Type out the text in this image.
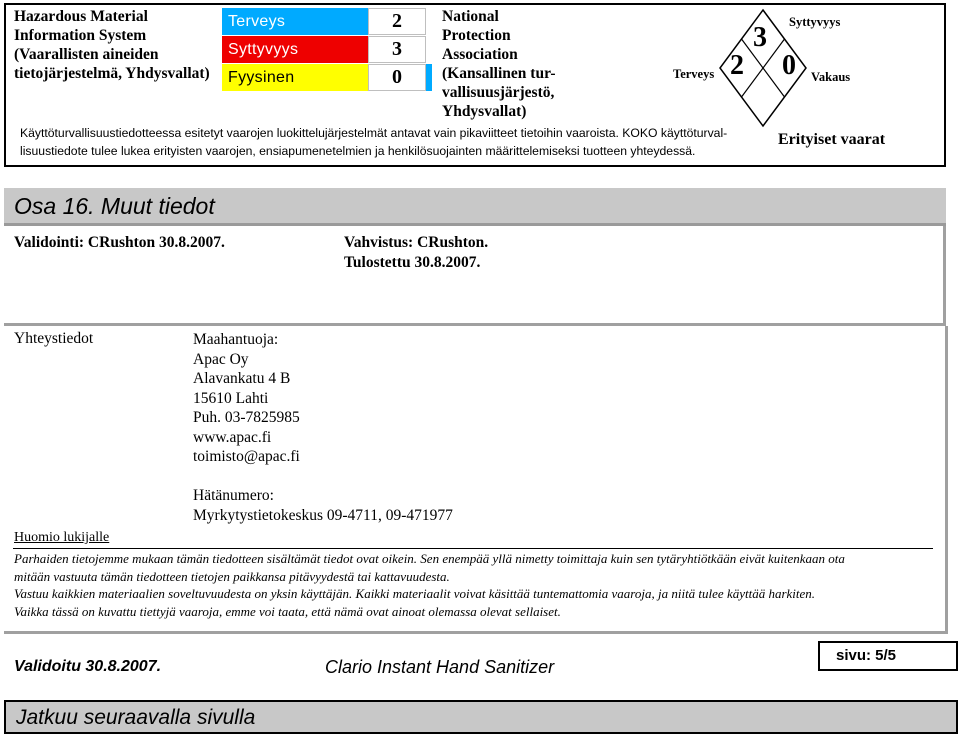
Hazardous Material
Information System
(Vaarallisten aineiden
tietojärjestelmä, Yhdysvallat)
Terveys	2
Syttyvyys	3
Fyysinen	0
National
Protection
Association
(Kansallinen tur-
vallisuusjärjestö,
Yhdysvallat)
3
2 0
Terveys
Syttyvyys
Vakaus
Erityiset vaarat
Käyttöturvallisuustiedotteessa esitetyt vaarojen luokittelujärjestelmät antavat vain pikaviitteet tietoihin vaaroista. KOKO käyttöturval-
lisuustiedote tulee lukea erityisten vaarojen, ensiapumenetelmien ja henkilösuojainten määrittelemiseksi tuotteen yhteydessä.
Osa 16. Muut tiedot
Validointi: CRushton 30.8.2007.	Vahvistus: CRushton.
Tulostettu 30.8.2007.
Yhteystiedot	Maahantuoja:
Apac Oy
Alavankatu 4 B
15610 Lahti
Puh. 03-7825985
www.apac.fi
toimisto@apac.fi
Hätänumero:
Myrkytystietokeskus 09-4711, 09-471977
Huomio lukijalle
Parhaiden tietojemme mukaan tämän tiedotteen sisältämät tiedot ovat oikein. Sen enempää yllä nimetty toimittaja kuin sen tytäryhtiötkään eivät kuitenkaan ota
mitään vastuuta tämän tiedotteen tietojen paikkansa pitävyydestä tai kattavuudesta.
Vastuu kaikkien materiaalien soveltuvuudesta on yksin käyttäjän. Kaikki materiaalit voivat käsittää tuntemattomia vaaroja, ja niitä tulee käyttää harkiten.
Vaikka tässä on kuvattu tiettyjä vaaroja, emme voi taata, että nämä ovat ainoat olemassa olevat sellaiset.
Validoitu 30.8.2007.	Clario Instant Hand Sanitizer
sivu: 5/5
Jatkuu seuraavalla sivulla
